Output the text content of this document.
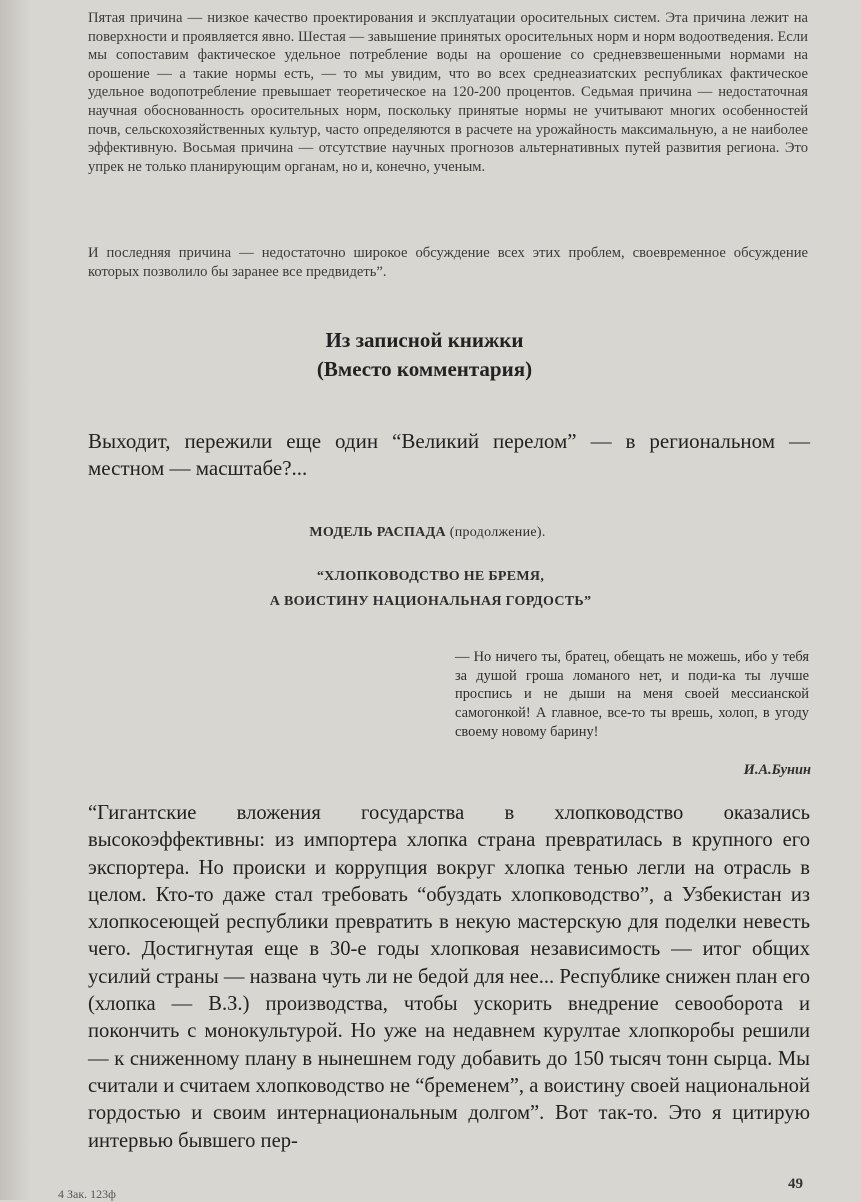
Пятая причина — низкое качество проектирования и эксплуатации оросительных систем. Эта причина лежит на поверхности и проявляется явно. Шестая — завышение принятых оросительных норм и норм водоотведения. Если мы сопоставим фактическое удельное потребление воды на орошение со средневзвешенными нормами на орошение — а такие нормы есть, — то мы увидим, что во всех среднеазиатских республиках фактическое удельное водопотребление превышает теоретическое на 120-200 процентов. Седьмая причина — недостаточная научная обоснованность оросительных норм, поскольку принятые нормы не учитывают многих особенностей почв, сельскохозяйственных культур, часто определяются в расчете на урожайность максимальную, а не наиболее эффективную. Восьмая причина — отсутствие научных прогнозов альтернативных путей развития региона. Это упрек не только планирующим органам, но и, конечно, ученым.

И последняя причина — недостаточно широкое обсуждение всех этих проблем, своевременное обсуждение которых позволило бы заранее все предвидеть”.

Из записной книжки

(Вместо комментария)

Выходит, пережили еще один “Великий перелом” — в региональном — местном — масштабе?...

МОДЕЛЬ РАСПАДА (продолжение).

“ХЛОПКОВОДСТВО НЕ БРЕМЯ,

А ВОИСТИНУ НАЦИОНАЛЬНАЯ ГОРДОСТЬ”

— Но ничего ты, братец, обещать не можешь, ибо у тебя за душой гроша ломаного нет, и поди-ка ты лучше проспись и не дыши на меня своей мессианской самогонкой! А главное, все-то ты врешь, холоп, в угоду своему новому барину!

И.А.Бунин

“Гигантские вложения государства в хлопководство оказались высокоэффективны: из импортера хлопка страна превратилась в крупного его экспортера. Но происки и коррупция вокруг хлопка тенью легли на отрасль в целом. Кто-то даже стал требовать “обуздать хлопководство”, а Узбекистан из хлопкосеющей республики превратить в некую мастерскую для поделки невесть чего. Достигнутая еще в 30-е годы хлопковая независимость — итог общих усилий страны — названа чуть ли не бедой для нее... Республике снижен план его (хлопка — В.З.) производства, чтобы ускорить внедрение севооборота и покончить с монокультурой. Но уже на недавнем курултае хлопкоробы решили — к сниженному плану в нынешнем году добавить до 150 тысяч тонн сырца. Мы считали и считаем хлопководство не “бременем”, а воистину своей национальной гордостью и своим интернациональным долгом”. Вот так-то. Это я цитирую интервью бывшего пер-

49

4 Зак. 123ф
